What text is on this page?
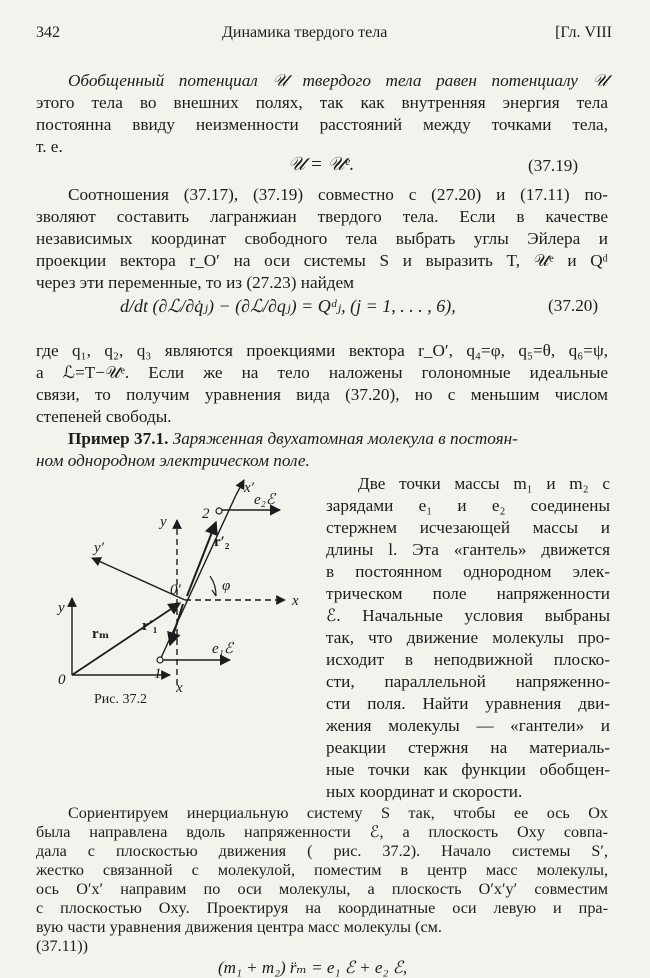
342	Динамика твердого тела	[Гл. VIII
Обобщенный потенциал 𝒰 твердого тела равен потенциалу 𝒰
этого тела во внешних полях, так как внутренняя энергия тела
постоянна ввиду неизменности расстояний между точками тела,
т. е.
𝒰 = 𝒰ᵉ.	(37.19)
Соотношения (37.17), (37.19) совместно с (27.20) и (17.11) по-
зволяют составить лагранжиан твердого тела. Если в качестве
независимых координат свободного тела выбрать углы Эйлера и
проекции вектора r_O′ на оси системы S и выразить T, 𝒰ᵉ и Qᵈ
через эти переменные, то из (27.23) найдем
d/dt (∂ℒ/∂q̇ⱼ) − (∂ℒ/∂qⱼ) = Qᵈⱼ, (j = 1, . . . , 6),	(37.20)
где q₁, q₂, q₃ являются проекциями вектора r_O′, q₄=φ, q₅=θ, q₆=ψ,
а ℒ=T−𝒰ᵉ. Если же на тело наложены голономные идеальные
связи, то получим уравнения вида (37.20), но с меньшим числом
степеней свободы.
Пример 37.1. Заряженная двухатомная молекула в постоян-
ном однородном электрическом поле.
Две точки массы m₁ и m₂ с
зарядами e₁ и e₂ соединены
стержнем исчезающей массы и
длины l. Эта «гантель» движется
в постоянном однородном элек-
трическом поле напряженности
ℰ. Начальные условия выбраны
так, что движение молекулы про-
исходит в неподвижной плоско-
сти, параллельной напряженно-
сти поля. Найти уравнения дви-
жения молекулы — «гантели» и
реакции стержня на материаль-
ные точки как функции обобщен-
ных координат и скорости.
x′
y′
y
y	x
x
0
0′	φ
1
2
rₘ r′₁
r′₂
e₂ℰ
e₁ℰ
Рис. 37.2
Сориентируем инерциальную систему S так, чтобы ее ось Ox
была направлена вдоль напряженности ℰ, а плоскость Oxy совпа-
дала с плоскостью движения ( рис. 37.2). Начало системы S′,
жестко связанной с молекулой, поместим в центр масс молекулы,
ось O′x′ направим по оси молекулы, а плоскость O′x′y′ совместим
с плоскостью Oxy. Проектируя на координатные оси левую и пра-
вую части уравнения движения центра масс молекулы (см.
(37.11))
(m₁ + m₂) r̈ₘ = e₁ ℰ + e₂ ℰ,
